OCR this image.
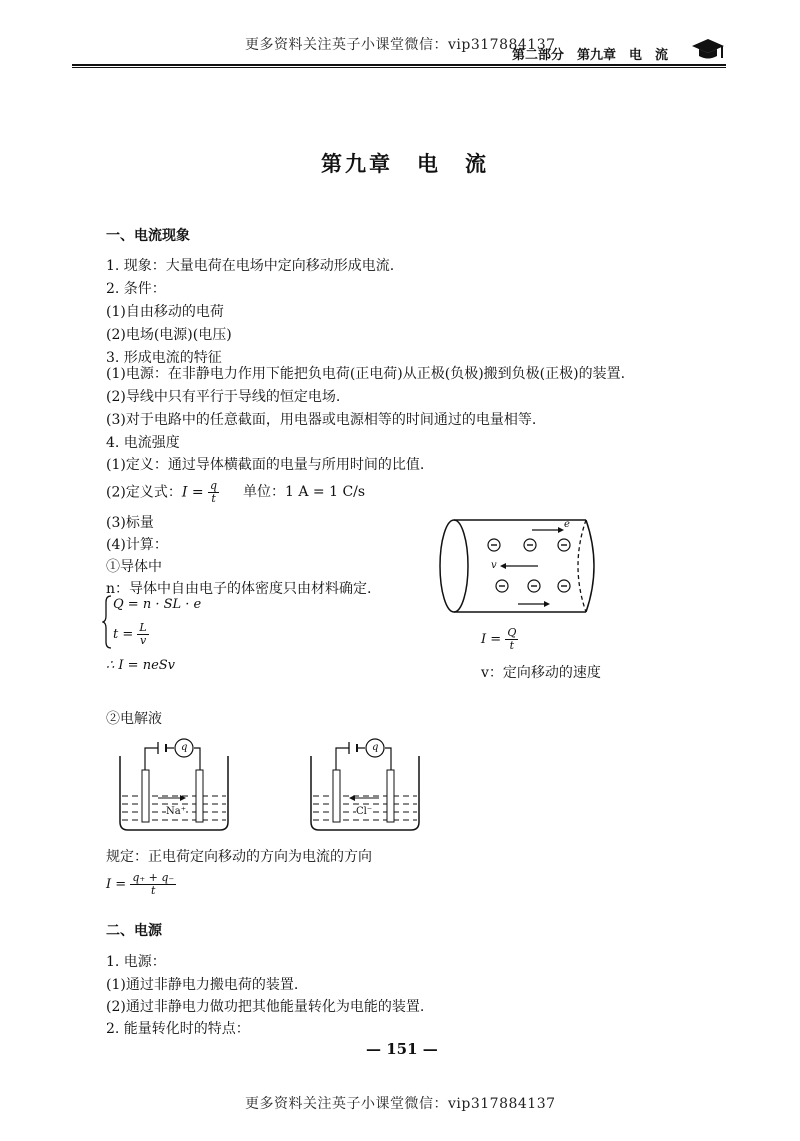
更多资料关注英子小课堂微信：vip317884137
第二部分　第九章　电　流
第九章　电　流
一、电流现象
1. 现象：大量电荷在电场中定向移动形成电流.
2. 条件：
(1)自由移动的电荷
(2)电场(电源)(电压)
3. 形成电流的特征
(1)电源：在非静电力作用下能把负电荷(正电荷)从正极(负极)搬到负极(正极)的装置.
(2)导线中只有平行于导线的恒定电场.
(3)对于电路中的任意截面，用电器或电源相等的时间通过的电量相等.
4. 电流强度
(1)定义：通过导体横截面的电量与所用时间的比值.
(2)定义式：$I = \frac{q}{t}$ 单位：1 A = 1 C/s
(3)标量
(4)计算：
①导体中
n：导体中自由电子的体密度只由材料确定.
Q = n · SL · e
$t = \frac{L}{v}$
∴ I = neSv
e
v
$I = \frac{Q}{t}$
v：定向移动的速度
②电解液
q
Na⁺
q
Cl⁻
规定：正电荷定向移动的方向为电流的方向
$I = \frac{q_+ + q_-}{t}$
二、电源
1. 电源：
(1)通过非静电力搬电荷的装置.
(2)通过非静电力做功把其他能量转化为电能的装置.
2. 能量转化时的特点：
— 151 —
更多资料关注英子小课堂微信：vip317884137
